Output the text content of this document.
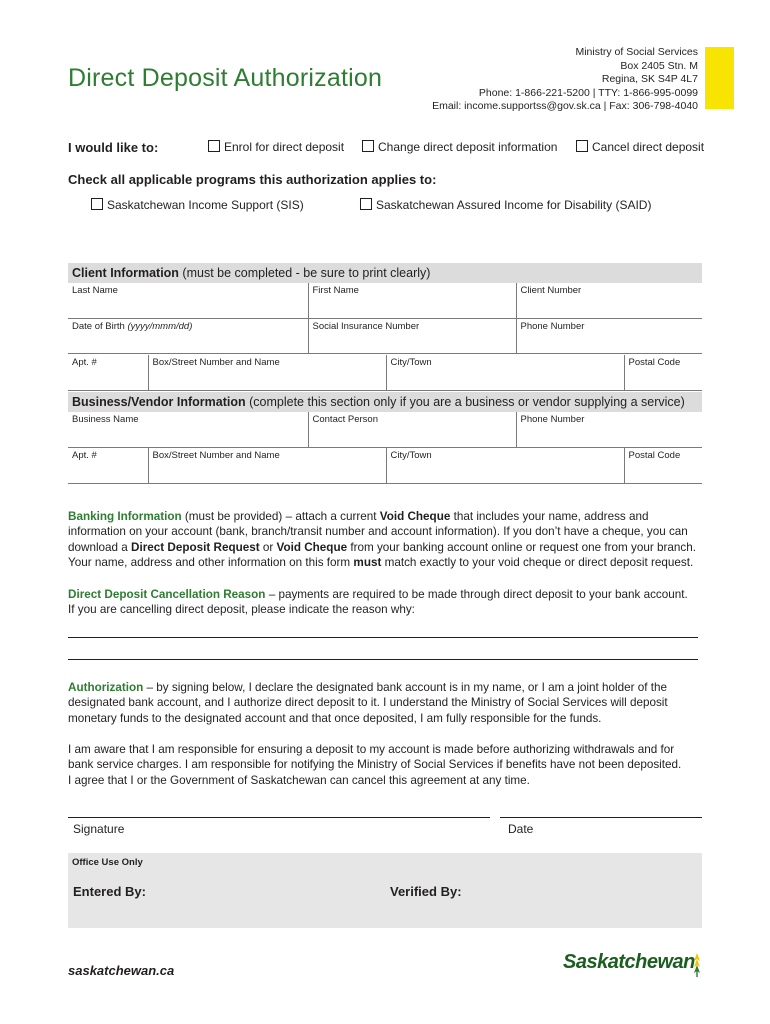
Direct Deposit Authorization
Ministry of Social Services
Box 2405 Stn. M
Regina, SK S4P 4L7
Phone: 1-866-221-5200 | TTY: 1-866-995-0099
Email: income.supportss@gov.sk.ca | Fax: 306-798-4040
I would like to:	Enrol for direct deposit	Change direct deposit information	Cancel direct deposit
Check all applicable programs this authorization applies to:
Saskatchewan Income Support (SIS)	Saskatchewan Assured Income for Disability (SAID)
Client Information (must be completed - be sure to print clearly)
Last Name	First Name	Client Number
Date of Birth (yyyy/mmm/dd)	Social Insurance Number	Phone Number
Apt. #	Box/Street Number and Name	City/Town	Postal Code
Business/Vendor Information (complete this section only if you are a business or vendor supplying a service)
Business Name	Contact Person	Phone Number
Apt. #	Box/Street Number and Name	City/Town	Postal Code
Banking Information (must be provided) – attach a current Void Cheque that includes your name, address and
information on your account (bank, branch/transit number and account information). If you don’t have a cheque, you can
download a Direct Deposit Request or Void Cheque from your banking account online or request one from your branch.
Your name, address and other information on this form must match exactly to your void cheque or direct deposit request.
Direct Deposit Cancellation Reason – payments are required to be made through direct deposit to your bank account.
If you are cancelling direct deposit, please indicate the reason why:
Authorization – by signing below, I declare the designated bank account is in my name, or I am a joint holder of the
designated bank account, and I authorize direct deposit to it. I understand the Ministry of Social Services will deposit
monetary funds to the designated account and that once deposited, I am fully responsible for the funds.
I am aware that I am responsible for ensuring a deposit to my account is made before authorizing withdrawals and for
bank service charges. I am responsible for notifying the Ministry of Social Services if benefits have not been deposited.
I agree that I or the Government of Saskatchewan can cancel this agreement at any time.
Signature	Date
Office Use Only
Entered By:	Verified By:
saskatchewan.ca	Saskatchewan
